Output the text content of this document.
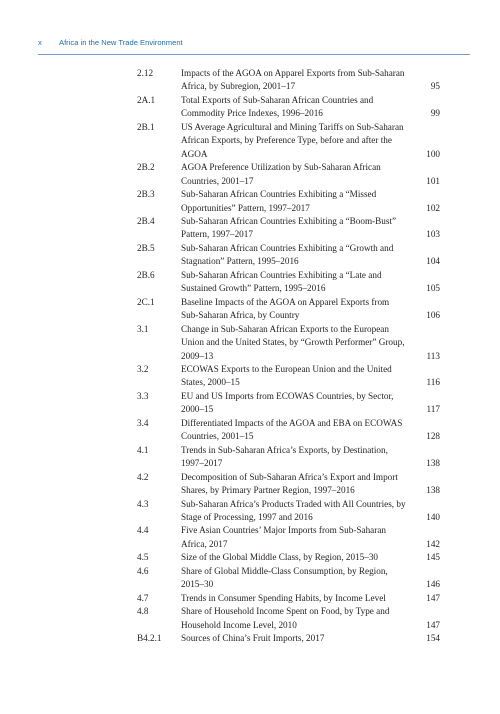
x Africa in the New Trade Environment
2.12	Impacts of the AGOA on Apparel Exports from Sub-Saharan Africa, by Subregion, 2001–17	95
2A.1	Total Exports of Sub-Saharan African Countries and Commodity Price Indexes, 1996–2016	99
2B.1	US Average Agricultural and Mining Tariffs on Sub-Saharan African Exports, by Preference Type, before and after the AGOA	100
2B.2	AGOA Preference Utilization by Sub-Saharan African Countries, 2001–17	101
2B.3	Sub-Saharan African Countries Exhibiting a “Missed Opportunities” Pattern, 1997–2017	102
2B.4	Sub-Saharan African Countries Exhibiting a “Boom-Bust” Pattern, 1997–2017	103
2B.5	Sub-Saharan African Countries Exhibiting a “Growth and Stagnation” Pattern, 1995–2016	104
2B.6	Sub-Saharan African Countries Exhibiting a “Late and Sustained Growth” Pattern, 1995–2016	105
2C.1	Baseline Impacts of the AGOA on Apparel Exports from Sub-Saharan Africa, by Country	106
3.1	Change in Sub-Saharan African Exports to the European Union and the United States, by “Growth Performer” Group, 2009–13	113
3.2	ECOWAS Exports to the European Union and the United States, 2000–15	116
3.3	EU and US Imports from ECOWAS Countries, by Sector, 2000–15	117
3.4	Differentiated Impacts of the AGOA and EBA on ECOWAS Countries, 2001–15	128
4.1	Trends in Sub-Saharan Africa’s Exports, by Destination, 1997–2017	138
4.2	Decomposition of Sub-Saharan Africa’s Export and Import Shares, by Primary Partner Region, 1997–2016	138
4.3	Sub-Saharan Africa’s Products Traded with All Countries, by Stage of Processing, 1997 and 2016	140
4.4	Five Asian Countries’ Major Imports from Sub-Saharan Africa, 2017	142
4.5	Size of the Global Middle Class, by Region, 2015–30	145
4.6	Share of Global Middle-Class Consumption, by Region, 2015–30	146
4.7	Trends in Consumer Spending Habits, by Income Level	147
4.8	Share of Household Income Spent on Food, by Type and Household Income Level, 2010	147
B4.2.1	Sources of China’s Fruit Imports, 2017	154
